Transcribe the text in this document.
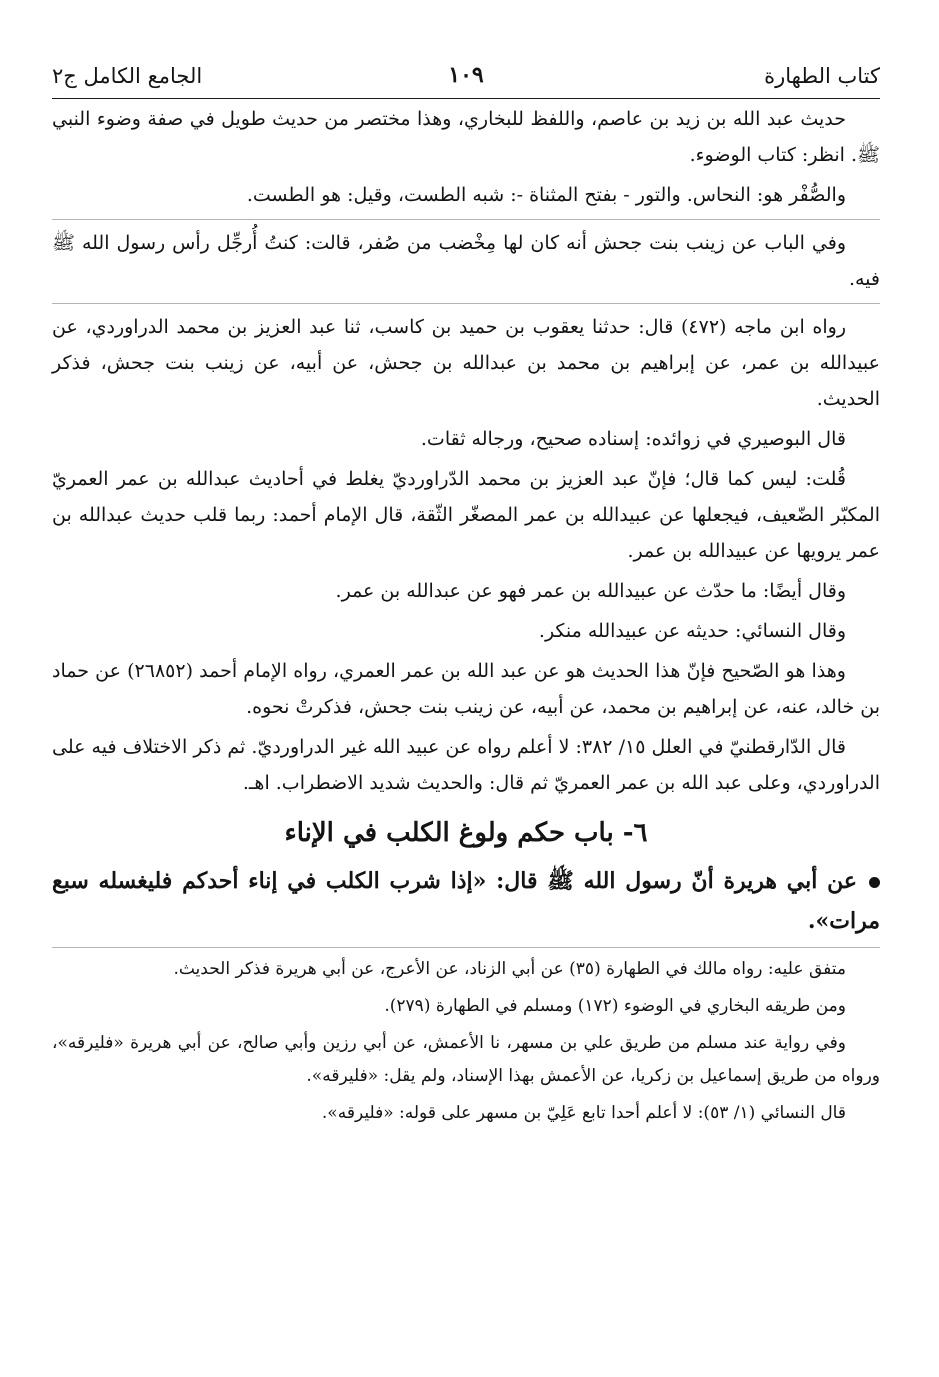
كتاب الطهارة
١٠٩
الجامع الكامل ج٢

حديث عبد الله بن زيد بن عاصم، واللفظ للبخاري، وهذا مختصر من حديث طويل في صفة وضوء النبي ﷺ. انظر: كتاب الوضوء.

والصُّفْر هو: النحاس. والتور - بفتح المثناة -: شبه الطست، وقيل: هو الطست.

وفي الباب عن زينب بنت جحش أنه كان لها مِخْضب من صُفر، قالت: كنتُ أُرجِّل رأس رسول الله ﷺ فيه.

رواه ابن ماجه (٤٧٢) قال: حدثنا يعقوب بن حميد بن كاسب، ثنا عبد العزيز بن محمد الدراوردي، عن عبيدالله بن عمر، عن إبراهيم بن محمد بن عبدالله بن جحش، عن أبيه، عن زينب بنت جحش، فذكر الحديث.

قال البوصيري في زوائده: إسناده صحيح، ورجاله ثقات.

قُلت: ليس كما قال؛ فإنّ عبد العزيز بن محمد الدّراورديّ يغلط في أحاديث عبدالله بن عمر العمريّ المكبّر الضّعيف، فيجعلها عن عبيدالله بن عمر المصغّر الثّقة، قال الإمام أحمد: ربما قلب حديث عبدالله بن عمر يرويها عن عبيدالله بن عمر.

وقال أيضًا: ما حدّث عن عبيدالله بن عمر فهو عن عبدالله بن عمر.

وقال النسائي: حديثه عن عبيدالله منكر.

وهذا هو الصّحيح فإنّ هذا الحديث هو عن عبد الله بن عمر العمري، رواه الإمام أحمد (٢٦٨٥٢) عن حماد بن خالد، عنه، عن إبراهيم بن محمد، عن أبيه، عن زينب بنت جحش، فذكرتْ نحوه.

قال الدّارقطنيّ في العلل ١٥/ ٣٨٢: لا أعلم رواه عن عبيد الله غير الدراورديّ. ثم ذكر الاختلاف فيه على الدراوردي، وعلى عبد الله بن عمر العمريّ ثم قال: والحديث شديد الاضطراب. اهـ.

٦- باب حكم ولوغ الكلب في الإناء

عن أبي هريرة أنّ رسول الله ﷺ قال: «إذا شرب الكلب في إناء أحدكم فليغسله سبع مرات».

متفق عليه: رواه مالك في الطهارة (٣٥) عن أبي الزناد، عن الأعرج، عن أبي هريرة فذكر الحديث.

ومن طريقه البخاري في الوضوء (١٧٢) ومسلم في الطهارة (٢٧٩).

وفي رواية عند مسلم من طريق علي بن مسهر، نا الأعمش، عن أبي رزين وأبي صالح، عن أبي هريرة «فليرقه»، ورواه من طريق إسماعيل بن زكريا، عن الأعمش بهذا الإسناد، ولم يقل: «فليرقه».

قال النسائي (١/ ٥٣): لا أعلم أحدا تابع عَلِيّ بن مسهر على قوله: «فليرقه».
